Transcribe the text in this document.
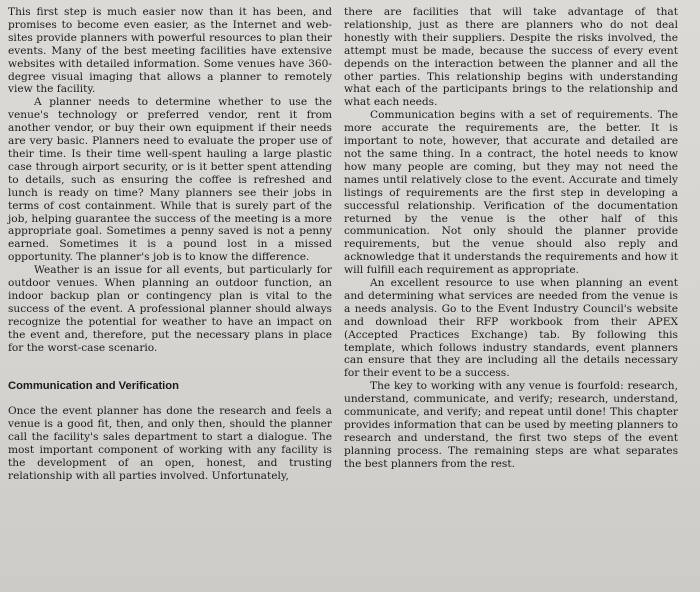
This first step is much easier now than it has been, and promises to become even easier, as the Internet and web-sites provide planners with powerful resources to plan their events. Many of the best meeting facilities have extensive websites with detailed information. Some venues have 360-degree visual imaging that allows a planner to remotely view the facility.

A planner needs to determine whether to use the venue's technology or preferred vendor, rent it from another vendor, or buy their own equipment if their needs are very basic. Planners need to evaluate the proper use of their time. Is their time well-spent hauling a large plastic case through airport security, or is it better spent attending to details, such as ensuring the coffee is refreshed and lunch is ready on time? Many planners see their jobs in terms of cost containment. While that is surely part of the job, helping guarantee the success of the meeting is a more appropriate goal. Sometimes a penny saved is not a penny earned. Sometimes it is a pound lost in a missed opportunity. The planner's job is to know the difference.

Weather is an issue for all events, but particularly for outdoor venues. When planning an outdoor function, an indoor backup plan or contingency plan is vital to the success of the event. A professional planner should always recognize the potential for weather to have an impact on the event and, therefore, put the necessary plans in place for the worst-case scenario.

Communication and Verification

Once the event planner has done the research and feels a venue is a good fit, then, and only then, should the planner call the facility's sales department to start a dialogue. The most important component of working with any facility is the development of an open, honest, and trusting relationship with all parties involved. Unfortunately,

there are facilities that will take advantage of that relationship, just as there are planners who do not deal honestly with their suppliers. Despite the risks involved, the attempt must be made, because the success of every event depends on the interaction between the planner and all the other parties. This relationship begins with understanding what each of the participants brings to the relationship and what each needs.

Communication begins with a set of requirements. The more accurate the requirements are, the better. It is important to note, however, that accurate and detailed are not the same thing. In a contract, the hotel needs to know how many people are coming, but they may not need the names until relatively close to the event. Accurate and timely listings of requirements are the first step in developing a successful relationship. Verification of the documentation returned by the venue is the other half of this communication. Not only should the planner provide requirements, but the venue should also reply and acknowledge that it understands the requirements and how it will fulfill each requirement as appropriate.

An excellent resource to use when planning an event and determining what services are needed from the venue is a needs analysis. Go to the Event Industry Council's website and download their RFP workbook from their APEX (Accepted Practices Exchange) tab. By following this template, which follows industry standards, event planners can ensure that they are including all the details necessary for their event to be a success.

The key to working with any venue is fourfold: research, understand, communicate, and verify; research, understand, communicate, and verify; and repeat until done! This chapter provides information that can be used by meeting planners to research and understand, the first two steps of the event planning process. The remaining steps are what separates the best planners from the rest.
